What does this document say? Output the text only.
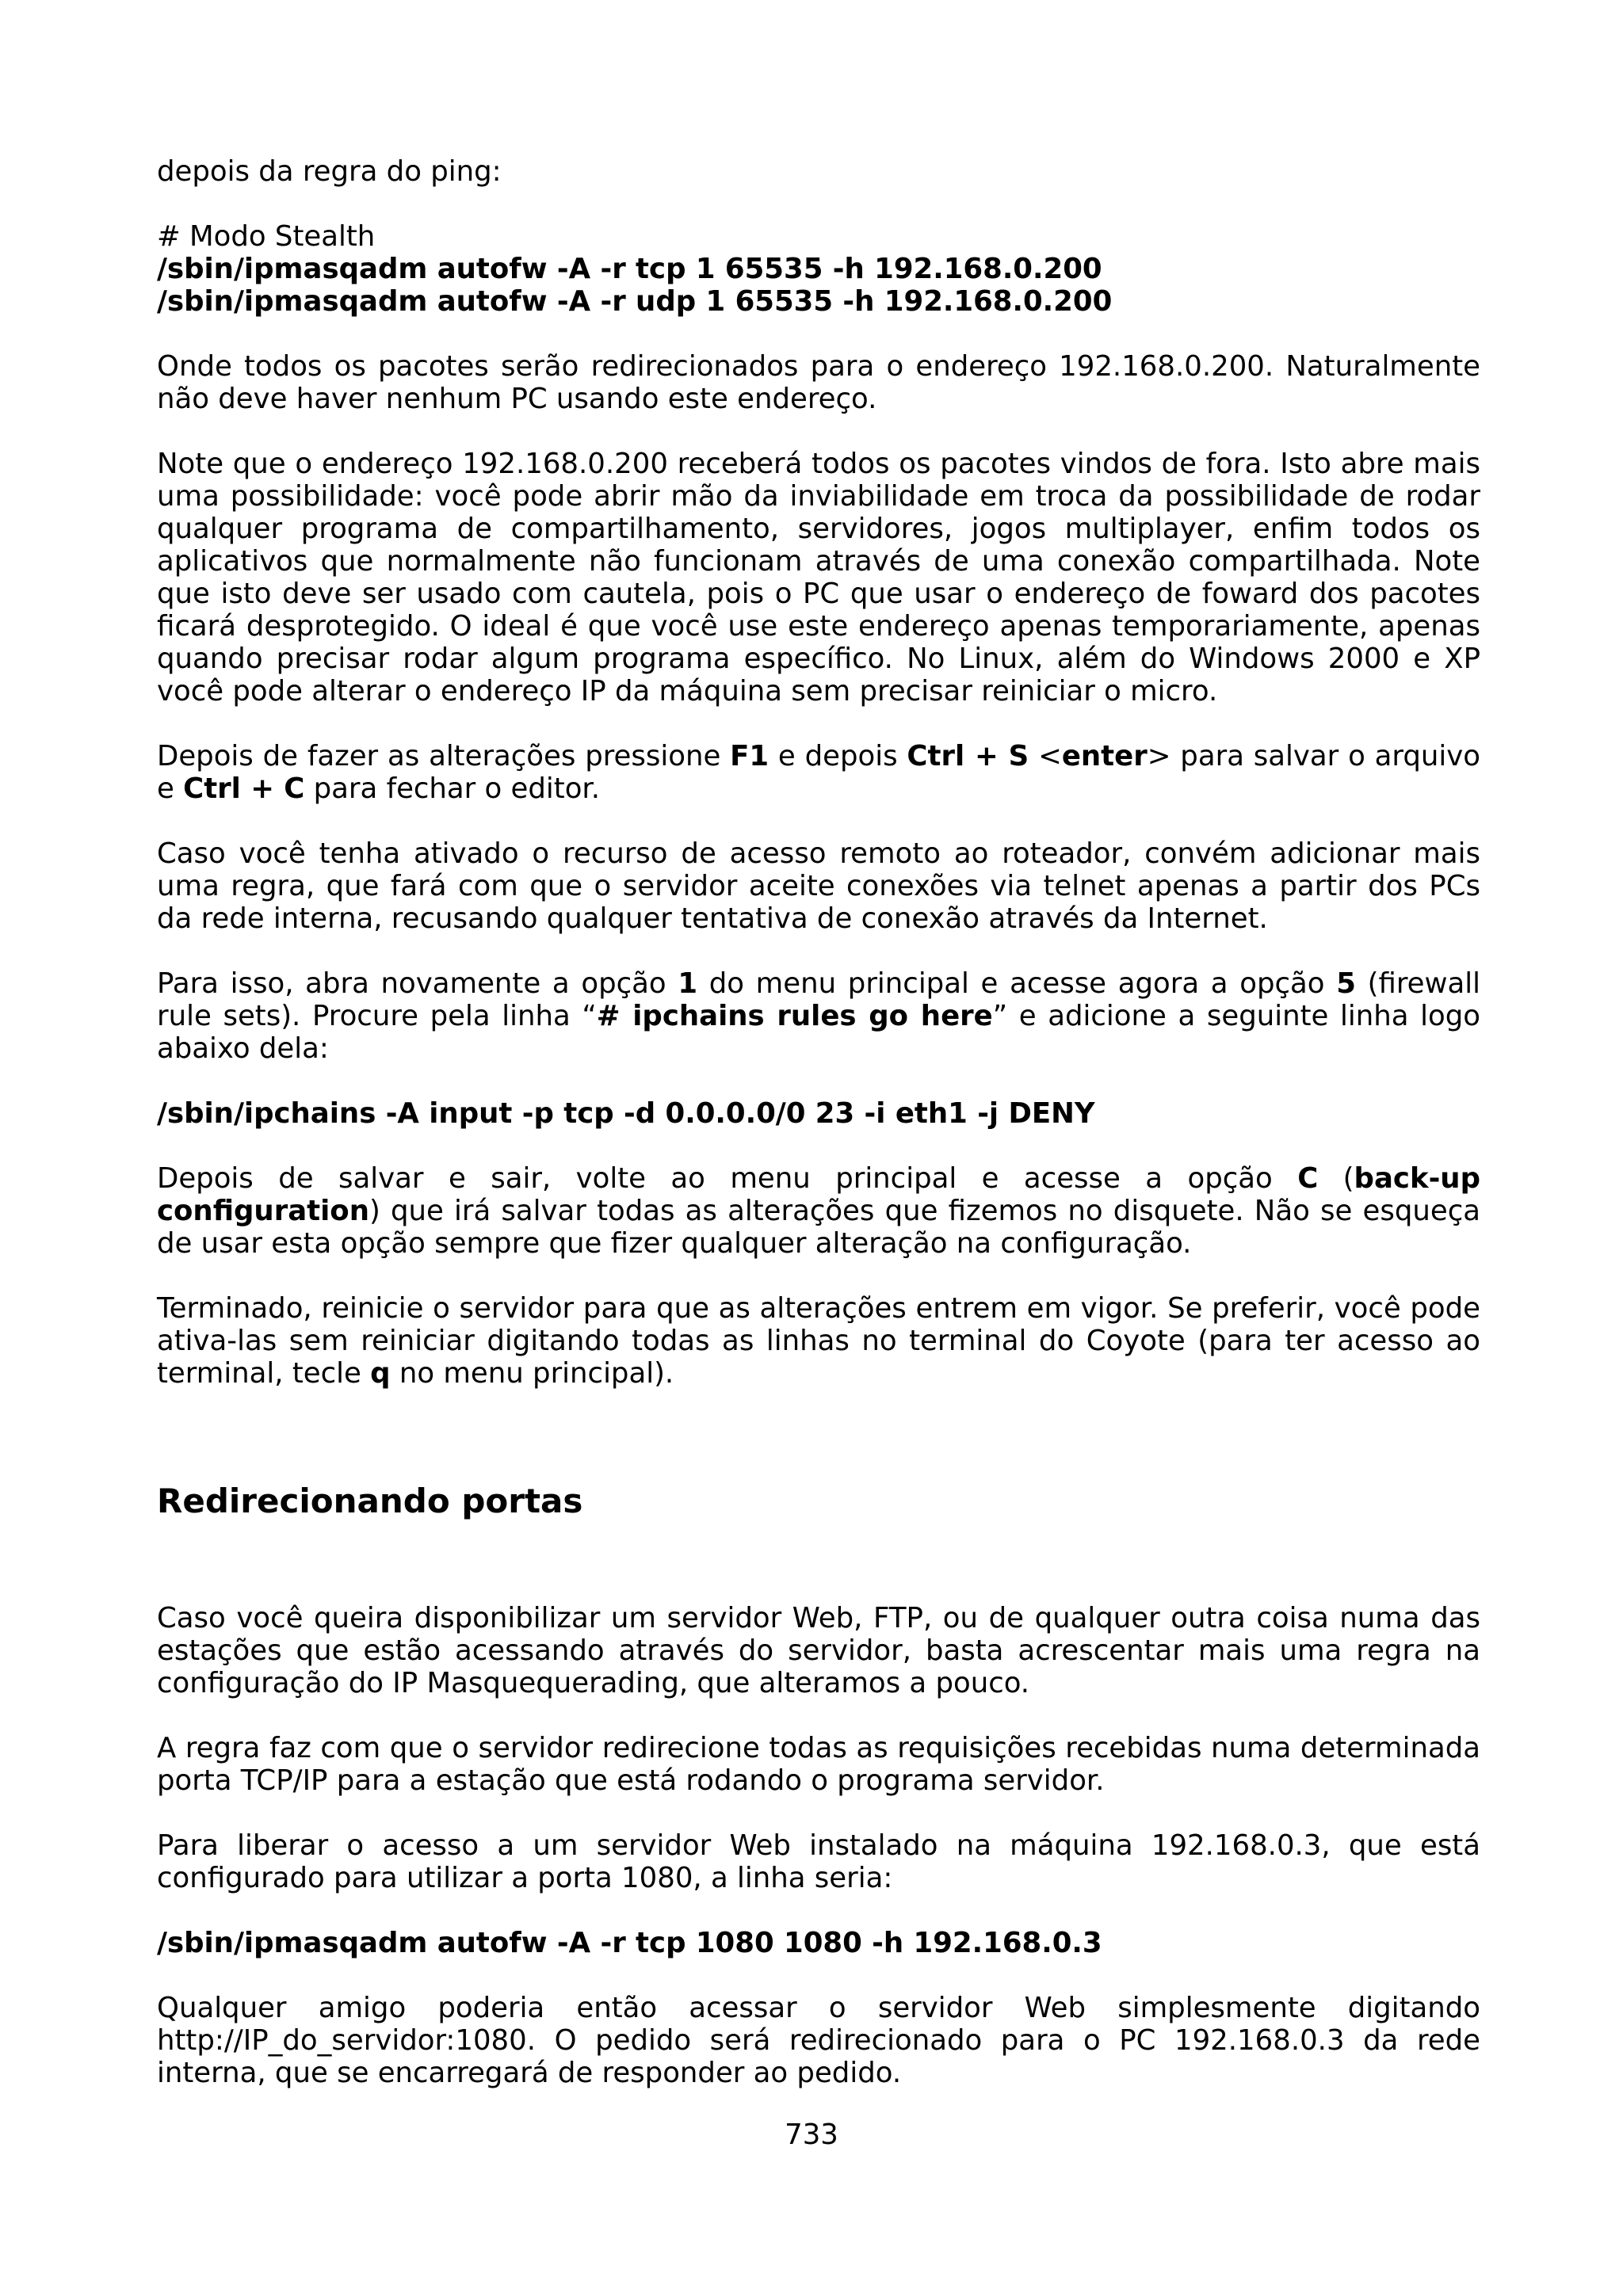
depois da regra do ping:

# Modo Stealth
/sbin/ipmasqadm autofw -A -r tcp 1 65535 -h 192.168.0.200
/sbin/ipmasqadm autofw -A -r udp 1 65535 -h 192.168.0.200

Onde todos os pacotes serão redirecionados para o endereço 192.168.0.200. Naturalmente não deve haver nenhum PC usando este endereço.

Note que o endereço 192.168.0.200 receberá todos os pacotes vindos de fora. Isto abre mais uma possibilidade: você pode abrir mão da inviabilidade em troca da possibilidade de rodar qualquer programa de compartilhamento, servidores, jogos multiplayer, enfim todos os aplicativos que normalmente não funcionam através de uma conexão compartilhada. Note que isto deve ser usado com cautela, pois o PC que usar o endereço de foward dos pacotes ficará desprotegido. O ideal é que você use este endereço apenas temporariamente, apenas quando precisar rodar algum programa específico. No Linux, além do Windows 2000 e XP você pode alterar o endereço IP da máquina sem precisar reiniciar o micro.

Depois de fazer as alterações pressione F1 e depois Ctrl + S <enter> para salvar o arquivo e Ctrl + C para fechar o editor.

Caso você tenha ativado o recurso de acesso remoto ao roteador, convém adicionar mais uma regra, que fará com que o servidor aceite conexões via telnet apenas a partir dos PCs da rede interna, recusando qualquer tentativa de conexão através da Internet.

Para isso, abra novamente a opção 1 do menu principal e acesse agora a opção 5 (firewall rule sets). Procure pela linha “# ipchains rules go here” e adicione a seguinte linha logo abaixo dela:

/sbin/ipchains -A input -p tcp -d 0.0.0.0/0 23 -i eth1 -j DENY

Depois de salvar e sair, volte ao menu principal e acesse a opção C (back-up configuration) que irá salvar todas as alterações que fizemos no disquete. Não se esqueça de usar esta opção sempre que fizer qualquer alteração na configuração.

Terminado, reinicie o servidor para que as alterações entrem em vigor. Se preferir, você pode ativa-las sem reiniciar digitando todas as linhas no terminal do Coyote (para ter acesso ao terminal, tecle q no menu principal).

Redirecionando portas

Caso você queira disponibilizar um servidor Web, FTP, ou de qualquer outra coisa numa das estações que estão acessando através do servidor, basta acrescentar mais uma regra na configuração do IP Masquequerading, que alteramos a pouco.

A regra faz com que o servidor redirecione todas as requisições recebidas numa determinada porta TCP/IP para a estação que está rodando o programa servidor.

Para liberar o acesso a um servidor Web instalado na máquina 192.168.0.3, que está configurado para utilizar a porta 1080, a linha seria:

/sbin/ipmasqadm autofw -A -r tcp 1080 1080 -h 192.168.0.3

Qualquer amigo poderia então acessar o servidor Web simplesmente digitando http://IP_do_servidor:1080. O pedido será redirecionado para o PC 192.168.0.3 da rede interna, que se encarregará de responder ao pedido.

733
